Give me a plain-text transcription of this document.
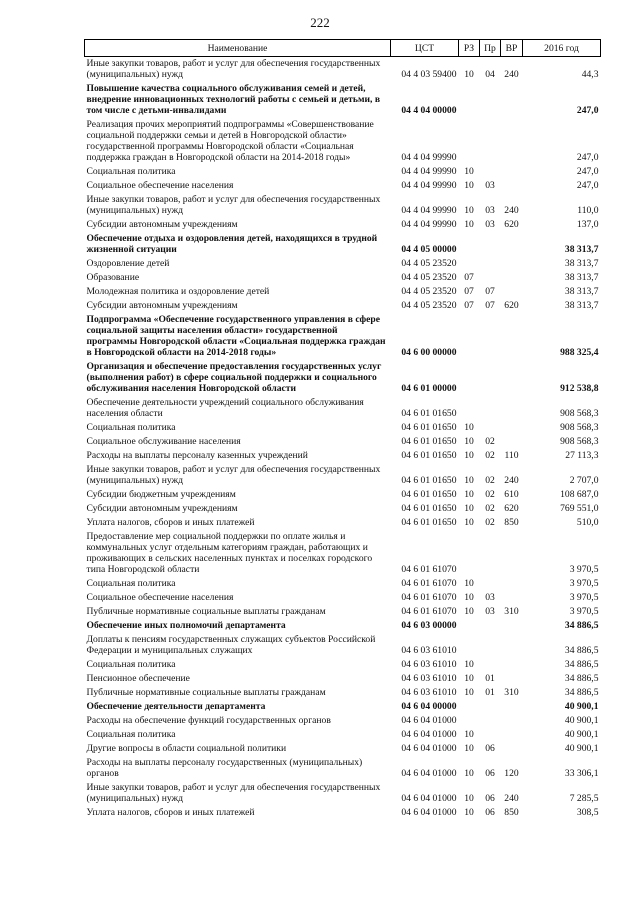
222
Наименование	ЦСТ	РЗ	Пр	ВР	2016 год
Иные закупки товаров, работ и услуг для обеспечения государственных (муниципальных) нужд	04 4 03 59400	10	04	240	44,3
Повышение качества социального обслуживания семей и детей, внедрение инновационных технологий работы с семьей и детьми, в том числе с детьми-инвалидами	04 4 04 00000				247,0
Реализация прочих мероприятий подпрограммы «Совершенствование социальной поддержки семьи и детей в Новгородской области» государственной программы Новгородской области «Социальная поддержка граждан в Новгородской области на 2014-2018 годы»	04 4 04 99990				247,0
Социальная политика	04 4 04 99990	10			247,0
Социальное обеспечение населения	04 4 04 99990	10	03		247,0
Иные закупки товаров, работ и услуг для обеспечения государственных (муниципальных) нужд	04 4 04 99990	10	03	240	110,0
Субсидии автономным учреждениям	04 4 04 99990	10	03	620	137,0
Обеспечение отдыха и оздоровления детей, находящихся в трудной жизненной ситуации	04 4 05 00000				38 313,7
Оздоровление детей	04 4 05 23520				38 313,7
Образование	04 4 05 23520	07			38 313,7
Молодежная политика и оздоровление детей	04 4 05 23520	07	07		38 313,7
Субсидии автономным учреждениям	04 4 05 23520	07	07	620	38 313,7
Подпрограмма «Обеспечение государственного управления в сфере социальной защиты населения области» государственной программы Новгородской области «Социальная поддержка граждан в Новгородской области на 2014-2018 годы»	04 6 00 00000				988 325,4
Организация и обеспечение предоставления государственных услуг (выполнения работ) в сфере социальной поддержки и социального обслуживания населения Новгородской области	04 6 01 00000				912 538,8
Обеспечение деятельности учреждений социального обслуживания населения области	04 6 01 01650				908 568,3
Социальная политика	04 6 01 01650	10			908 568,3
Социальное обслуживание населения	04 6 01 01650	10	02		908 568,3
Расходы на выплаты персоналу казенных учреждений	04 6 01 01650	10	02	110	27 113,3
Иные закупки товаров, работ и услуг для обеспечения государственных (муниципальных) нужд	04 6 01 01650	10	02	240	2 707,0
Субсидии бюджетным учреждениям	04 6 01 01650	10	02	610	108 687,0
Субсидии автономным учреждениям	04 6 01 01650	10	02	620	769 551,0
Уплата налогов, сборов и иных платежей	04 6 01 01650	10	02	850	510,0
Предоставление мер социальной поддержки по оплате жилья и коммунальных услуг отдельным категориям граждан, работающих и проживающих в сельских населенных пунктах и поселках городского типа Новгородской области	04 6 01 61070				3 970,5
Социальная политика	04 6 01 61070	10			3 970,5
Социальное обеспечение населения	04 6 01 61070	10	03		3 970,5
Публичные нормативные социальные выплаты гражданам	04 6 01 61070	10	03	310	3 970,5
Обеспечение иных полномочий департамента	04 6 03 00000				34 886,5
Доплаты к пенсиям государственных служащих субъектов Российской Федерации и муниципальных служащих	04 6 03 61010				34 886,5
Социальная политика	04 6 03 61010	10			34 886,5
Пенсионное обеспечение	04 6 03 61010	10	01		34 886,5
Публичные нормативные социальные выплаты гражданам	04 6 03 61010	10	01	310	34 886,5
Обеспечение деятельности департамента	04 6 04 00000				40 900,1
Расходы на обеспечение функций государственных органов	04 6 04 01000				40 900,1
Социальная политика	04 6 04 01000	10			40 900,1
Другие вопросы в области социальной политики	04 6 04 01000	10	06		40 900,1
Расходы на выплаты персоналу государственных (муниципальных) органов	04 6 04 01000	10	06	120	33 306,1
Иные закупки товаров, работ и услуг для обеспечения государственных (муниципальных) нужд	04 6 04 01000	10	06	240	7 285,5
Уплата налогов, сборов и иных платежей	04 6 04 01000	10	06	850	308,5
